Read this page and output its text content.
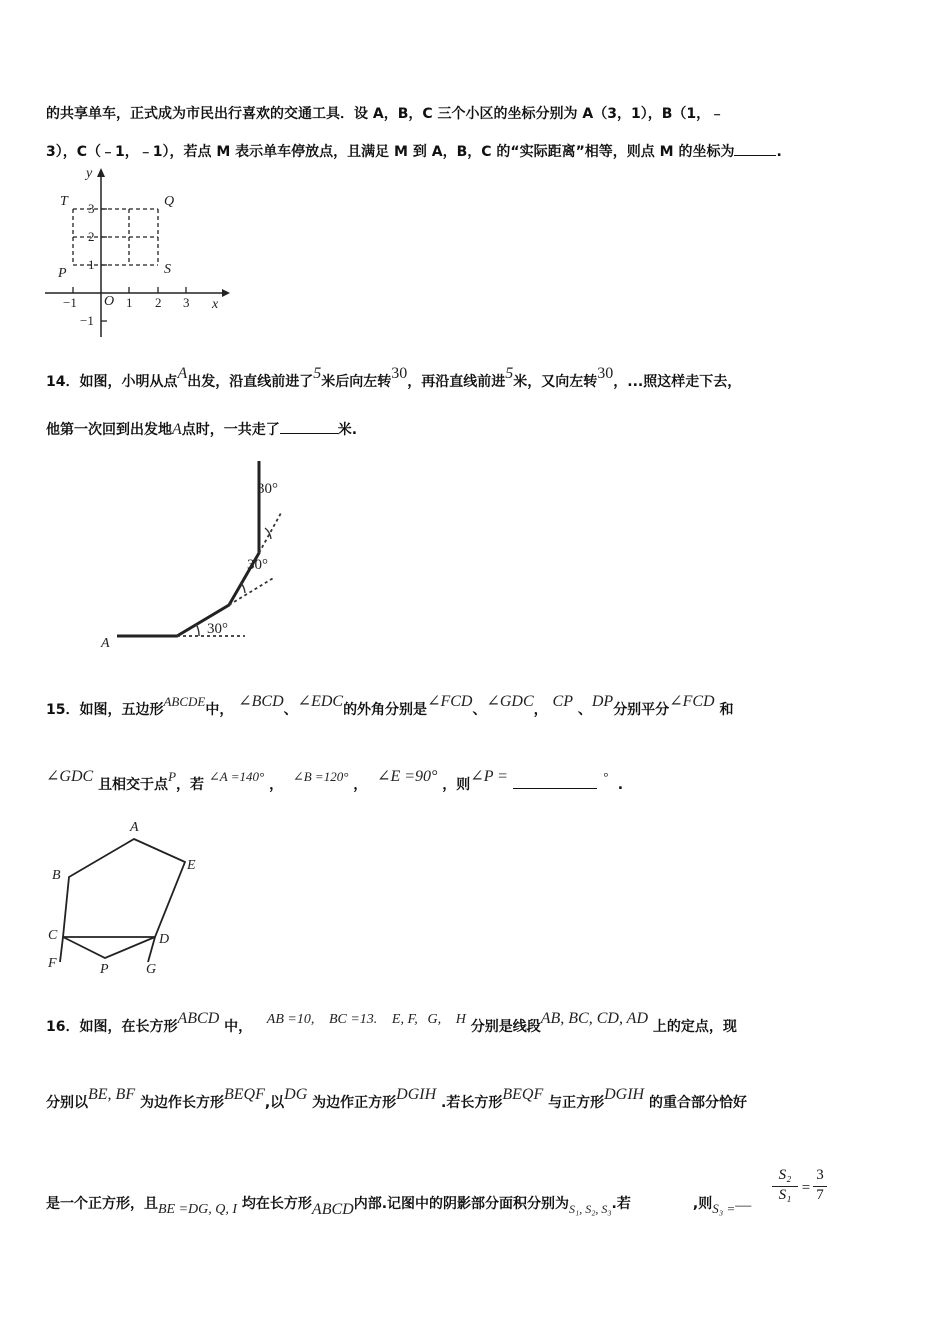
的共享单车，正式成为市民出行喜欢的交通工具．设 A，B，C 三个小区的坐标分别为 A（3，1），B（1，﹣
3），C（﹣1，﹣1），若点 M 表示单车停放点，且满足 M 到 A，B，C 的“实际距离”相等，则点 M 的坐标为	.
y
x
O
−1	1 2 3
3
2
1
−1
T	Q
P	S
14．如图，小明从点A出发，沿直线前进了5米后向左转30，再沿直线前进5米，又向左转30，...照这样走下去，
他第一次回到出发地A点时，一共走了	米.
30°
30°
30°
A
15．如图，五边形ABCDE中， ∠BCD、∠EDC的外角分别是∠FCD、∠GDC， CP 、DP分别平分∠FCD 和
∠GDC 且相交于点P，若 ∠A =140° ，  ∠B =120° ， ∠E =90° ，则∠P =	°  .
A
B
E
C	D
F	P	G
16．如图，在长方形ABCD 中， AB =10, BC =13. E, F, G, H 分别是线段AB, BC, CD, AD 上的定点，现
分别以BE, BF 为边作长方形BEQF,以DG 为边作正方形DGIH .若长方形BEQF 与正方形DGIH 的重合部分恰好
是一个正方形，且BE =DG, Q, I 均在长方形ABCD内部.记图中的阴影部分面积分别为S₁, S₂, S₃.若	,则S₃ =—
$\frac{\text{S₂}}{\text{S₁}} = \frac{3}{7}$
